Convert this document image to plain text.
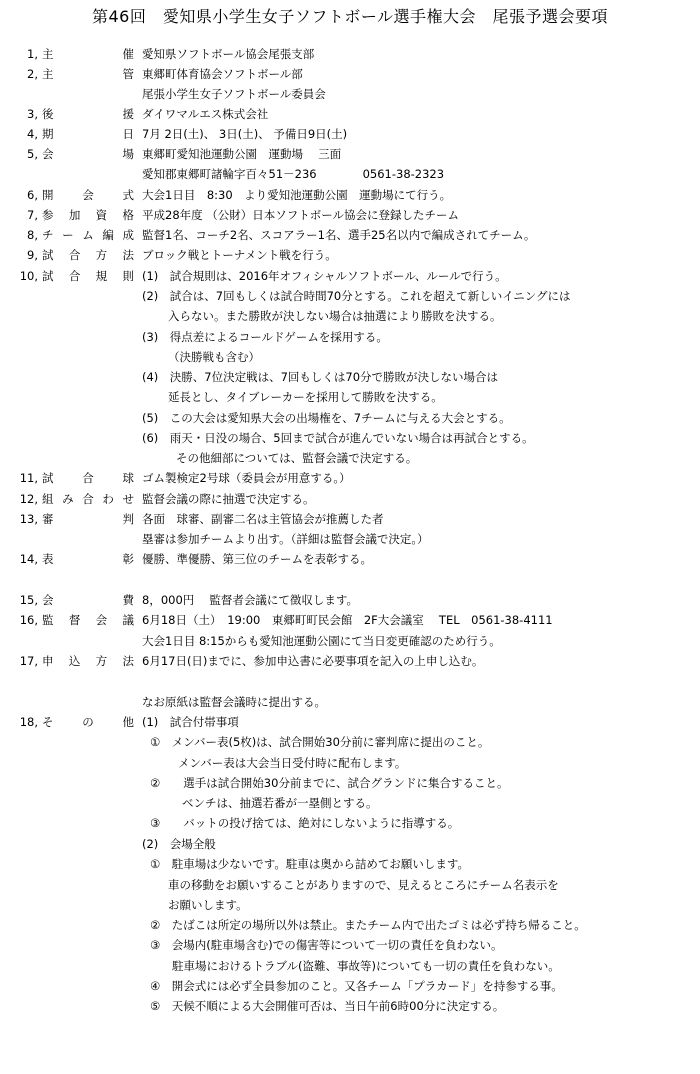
第46回　愛知県小学生女子ソフトボール選手権大会　尾張予選会要項
1, 主	催 愛知県ソフトボール協会尾張支部
2, 主	管 東郷町体育協会ソフトボール部
尾張小学生女子ソフトボール委員会
3, 後	援 ダイワマルエス株式会社
4, 期	日 7月 2日(土)、 3日(土)、 予備日9日(土)
5, 会	場 東郷町愛知池運動公園　運動場　 三面
愛知郡東郷町諸輪字百々51－236　　　　0561-38-2323
6, 開	会	式 大会1日目　8:30　より愛知池運動公園　運動場にて行う。
7, 参 加 資 格 平成28年度 （公財）日本ソフトボール協会に登録したチーム
8, チ ー ム 編 成 監督1名、コーチ2名、スコアラー1名、選手25名以内で編成されてチーム。
9, 試 合 方 法 ブロック戦とトーナメント戦を行う。
10, 試 合 規 則 (1)　試合規則は、2016年オフィシャルソフトボール、ルールで行う。
(2)　試合は、7回もしくは試合時間70分とする。これを超えて新しいイニングには
入らない。また勝敗が決しない場合は抽選により勝敗を決する。
(3)　得点差によるコールドゲームを採用する。
（決勝戦も含む）
(4)　決勝、7位決定戦は、7回もしくは70分で勝敗が決しない場合は
延長とし、タイブレーカーを採用して勝敗を決する。
(5)　この大会は愛知県大会の出場権を、7チームに与える大会とする。
(6)　雨天・日没の場合、5回まで試合が進んでいない場合は再試合とする。
その他細部については、監督会議で決定する。
11, 試	合	球 ゴム製検定2号球（委員会が用意する。）
12, 組 み 合 わ せ 監督会議の際に抽選で決定する。
13, 審	判 各面　球審、副審二名は主管協会が推薦した者
塁審は参加チームより出す。（詳細は監督会議で決定。）
14, 表	彰 優勝、準優勝、第三位のチームを表彰する。
15, 会	費 8，000円　 監督者会議にて徴収します。
16, 監 督 会 議 6月18日（土）　19:00　東郷町町民会館　2F大会議室　 TEL　0561-38-4111
大会1日目 8:15からも愛知池運動公園にて当日変更確認のため行う。
17, 申 込 方 法 6月17日(日)までに、参加申込書に必要事項を記入の上申し込む。
なお原紙は監督会議時に提出する。
18, そ	の	他 (1)　試合付帯事項
①　メンバー表(5枚)は、試合開始30分前に審判席に提出のこと。
メンバー表は大会当日受付時に配布します。
②　　選手は試合開始30分前までに、試合グランドに集合すること。
ベンチは、抽選若番が一塁側とする。
③　　バットの投げ捨ては、絶対にしないように指導する。
(2)　会場全般
①　駐車場は少ないです。駐車は奥から詰めてお願いします。
車の移動をお願いすることがありますので、見えるところにチーム名表示を
お願いします。
②　たばこは所定の場所以外は禁止。またチーム内で出たゴミは必ず持ち帰ること。
③　会場内(駐車場含む)での傷害等について一切の責任を負わない。
駐車場におけるトラブル(盗難、事故等)についても一切の責任を負わない。
④　開会式には必ず全員参加のこと。又各チーム「プラカード」を持参する事。
⑤　天候不順による大会開催可否は、当日午前6時00分に決定する。
